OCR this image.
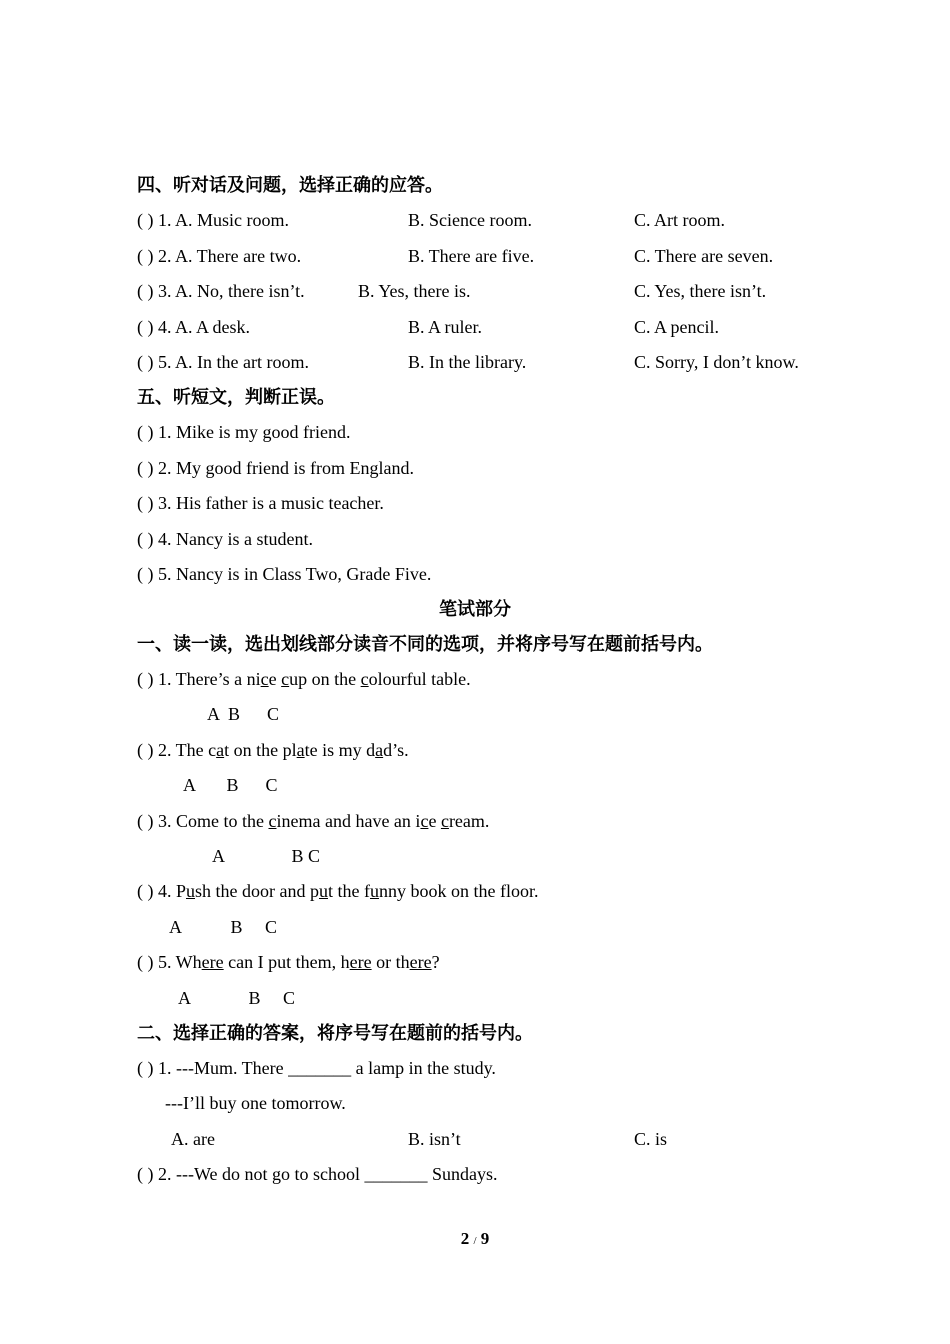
四、听对话及问题，选择正确的应答。
( ) 1. A. Music room.	B. Science room.	C. Art room.
( ) 2. A. There are two.	B. There are five.	C. There are seven.
( ) 3. A. No, there isn’t.	B. Yes, there is.	C. Yes, there isn’t.
( ) 4. A. A desk.	B. A ruler.	C. A pencil.
( ) 5. A. In the art room.	B. In the library.	C. Sorry, I don’t know.
五、听短文，判断正误。
( ) 1. Mike is my good friend.
( ) 2. My good friend is from England.
( ) 3. His father is a music teacher.
( ) 4. Nancy is a student.
( ) 5. Nancy is in Class Two, Grade Five.
笔试部分
一、读一读，选出划线部分读音不同的选项，并将序号写在题前括号内。
( ) 1. There’s a nice cup on the colourful table.
A  B      C
( ) 2. The cat on the plate is my dad’s.
A       B      C
( ) 3. Come to the cinema and have an ice cream.
A               B C
( ) 4. Push the door and put the funny book on the floor.
A           B     C
( ) 5. Where can I put them, here or there?
A             B     C
二、选择正确的答案，将序号写在题前的括号内。
( ) 1. ---Mum. There _______ a lamp in the study.
---I’ll buy one tomorrow.
A. are	B. isn’t	C. is
( ) 2. ---We do not go to school _______ Sundays.
2 / 9
